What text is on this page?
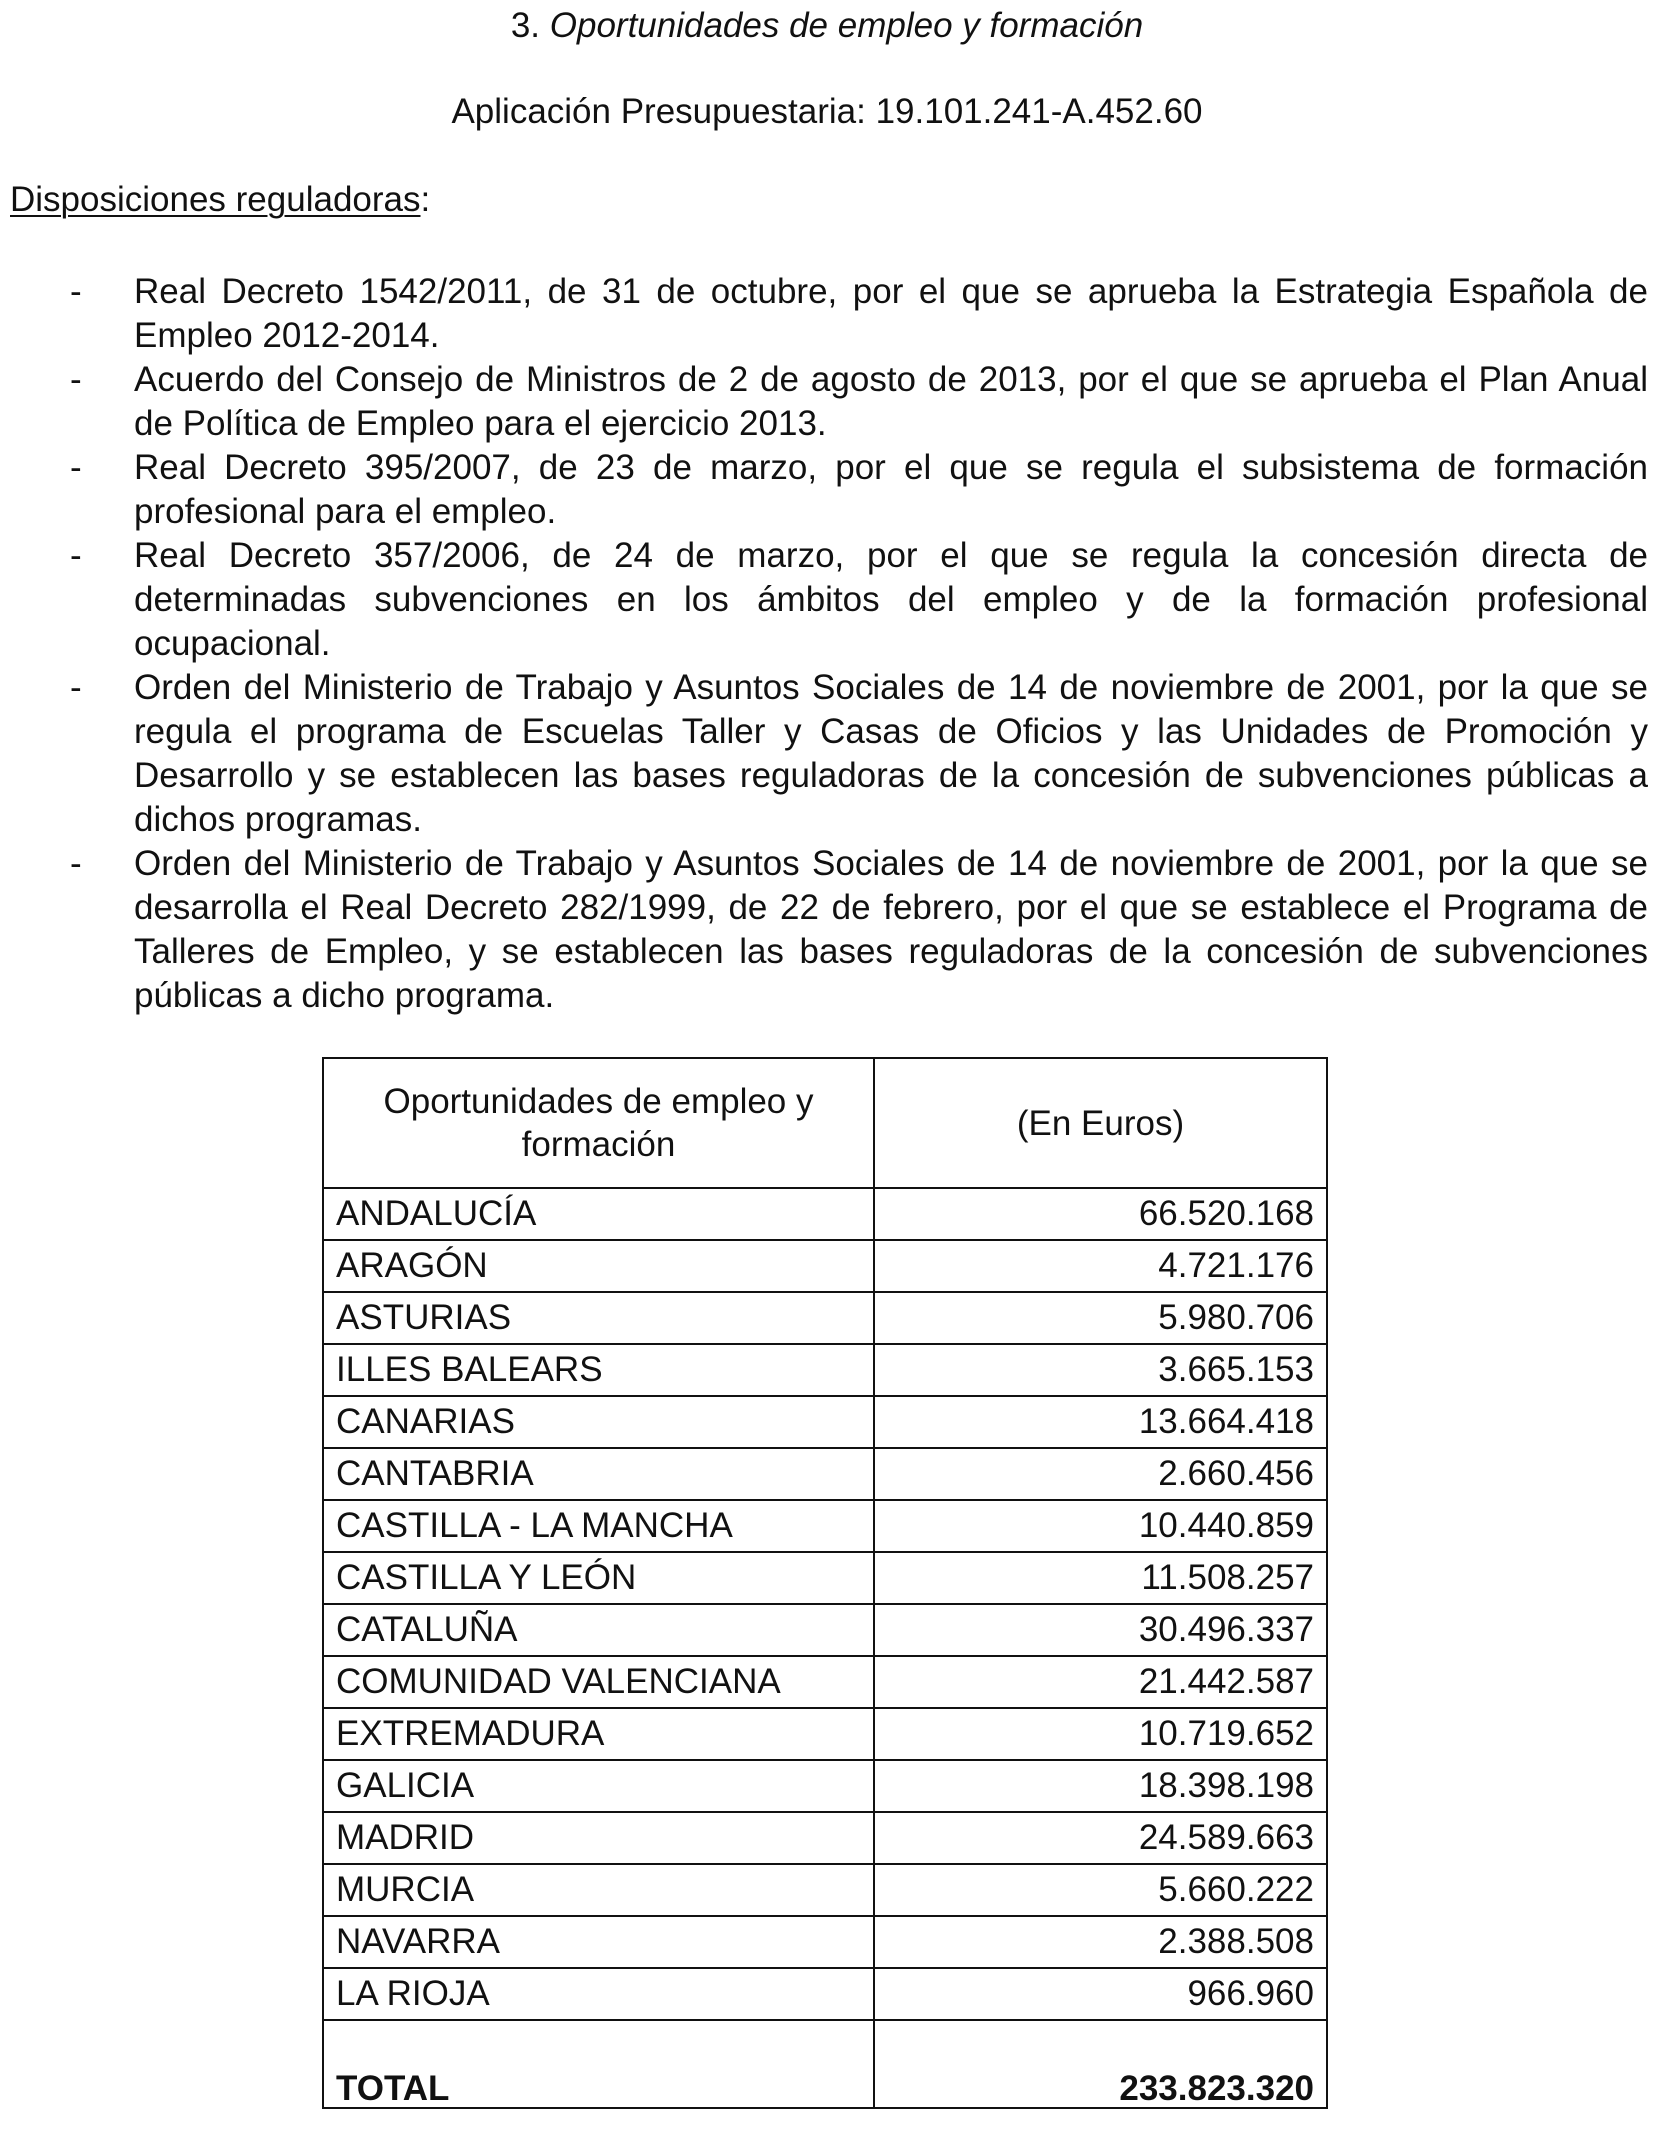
3. Oportunidades de empleo y formación

Aplicación Presupuestaria: 19.101.241-A.452.60

Disposiciones reguladoras:
- Real Decreto 1542/2011, de 31 de octubre, por el que se aprueba la Estrategia Española de Empleo 2012-2014.
- Acuerdo del Consejo de Ministros de 2 de agosto de 2013, por el que se aprueba el Plan Anual de Política de Empleo para el ejercicio 2013.
- Real Decreto 395/2007, de 23 de marzo, por el que se regula el subsistema de formación profesional para el empleo.
- Real Decreto 357/2006, de 24 de marzo, por el que se regula la concesión directa de determinadas subvenciones en los ámbitos del empleo y de la formación profesional ocupacional.
- Orden del Ministerio de Trabajo y Asuntos Sociales de 14 de noviembre de 2001, por la que se regula el programa de Escuelas Taller y Casas de Oficios y las Unidades de Promoción y Desarrollo y se establecen las bases reguladoras de la concesión de subvenciones públicas a dichos programas.
- Orden del Ministerio de Trabajo y Asuntos Sociales de 14 de noviembre de 2001, por la que se desarrolla el Real Decreto 282/1999, de 22 de febrero, por el que se establece el Programa de Talleres de Empleo, y se establecen las bases reguladoras de la concesión de subvenciones públicas a dicho programa.
Oportunidades de empleo y formación	(En Euros)
ANDALUCÍA	66.520.168
ARAGÓN	4.721.176
ASTURIAS	5.980.706
ILLES BALEARS	3.665.153
CANARIAS	13.664.418
CANTABRIA	2.660.456
CASTILLA - LA MANCHA	10.440.859
CASTILLA Y LEÓN	11.508.257
CATALUÑA	30.496.337
COMUNIDAD VALENCIANA	21.442.587
EXTREMADURA	10.719.652
GALICIA	18.398.198
MADRID	24.589.663
MURCIA	5.660.222
NAVARRA	2.388.508
LA RIOJA	966.960
TOTAL	233.823.320
